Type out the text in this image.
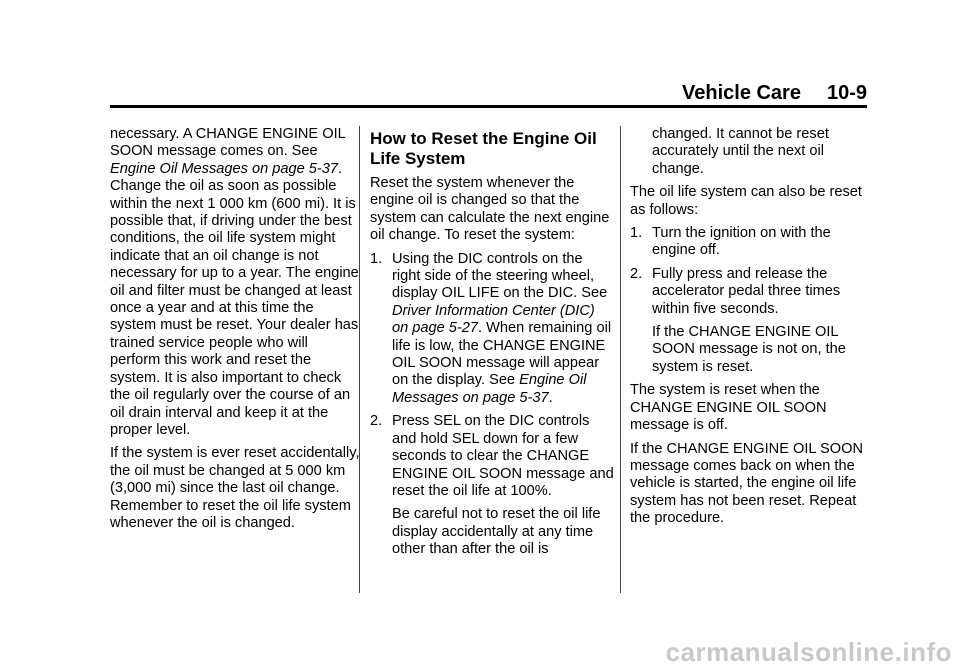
Vehicle Care 10-9

necessary. A CHANGE ENGINE OIL SOON message comes on. See Engine Oil Messages on page 5-37. Change the oil as soon as possible within the next 1 000 km (600 mi). It is possible that, if driving under the best conditions, the oil life system might indicate that an oil change is not necessary for up to a year. The engine oil and filter must be changed at least once a year and at this time the system must be reset. Your dealer has trained service people who will perform this work and reset the system. It is also important to check the oil regularly over the course of an oil drain interval and keep it at the proper level.

If the system is ever reset accidentally, the oil must be changed at 5 000 km (3,000 mi) since the last oil change. Remember to reset the oil life system whenever the oil is changed.

How to Reset the Engine Oil Life System

Reset the system whenever the engine oil is changed so that the system can calculate the next engine oil change. To reset the system:

1. Using the DIC controls on the right side of the steering wheel, display OIL LIFE on the DIC. See Driver Information Center (DIC) on page 5-27. When remaining oil life is low, the CHANGE ENGINE OIL SOON message will appear on the display. See Engine Oil Messages on page 5-37.
2. Press SEL on the DIC controls and hold SEL down for a few seconds to clear the CHANGE ENGINE OIL SOON message and reset the oil life at 100%.

Be careful not to reset the oil life display accidentally at any time other than after the oil is

changed. It cannot be reset accurately until the next oil change.

The oil life system can also be reset as follows:

1. Turn the ignition on with the engine off.
2. Fully press and release the accelerator pedal three times within five seconds.

If the CHANGE ENGINE OIL SOON message is not on, the system is reset.

The system is reset when the CHANGE ENGINE OIL SOON message is off.

If the CHANGE ENGINE OIL SOON message comes back on when the vehicle is started, the engine oil life system has not been reset. Repeat the procedure.

carmanualsonline.info
